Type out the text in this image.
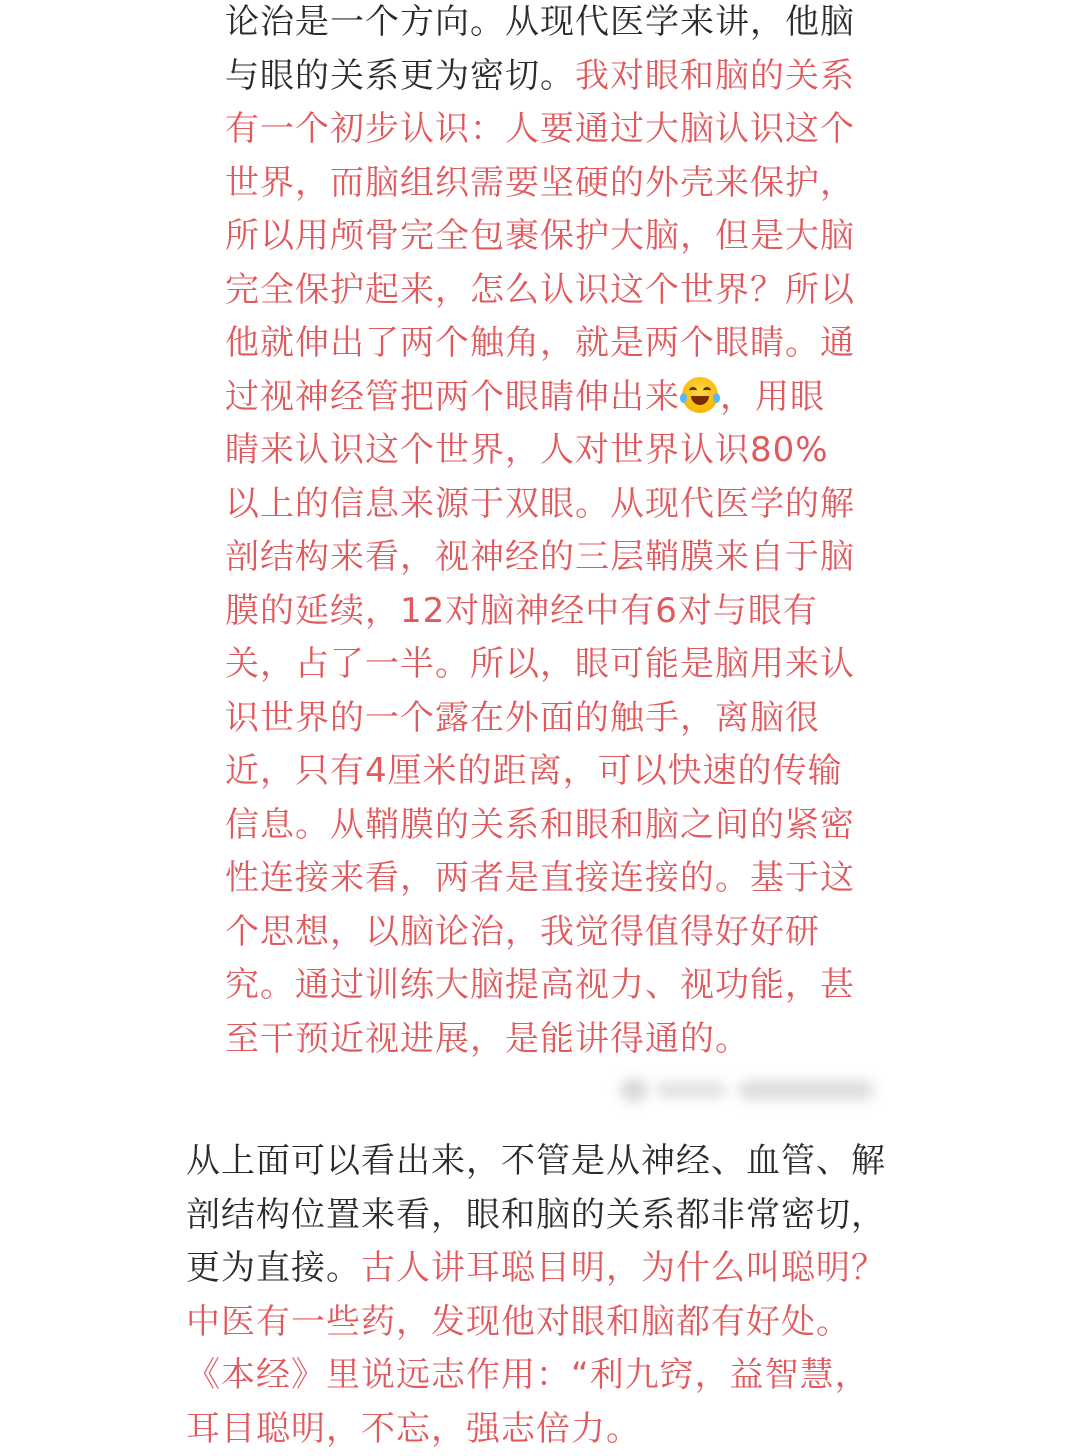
论治是一个方向。从现代医学来讲，他脑与眼的关系更为密切。我对眼和脑的关系有一个初步认识：人要通过大脑认识这个世界，而脑组织需要坚硬的外壳来保护，所以用颅骨完全包裹保护大脑，但是大脑完全保护起来，怎么认识这个世界？所以他就伸出了两个触角，就是两个眼睛。通过视神经管把两个眼睛伸出来 ，用眼睛来认识这个世界，人对世界认识80%以上的信息来源于双眼。从现代医学的解剖结构来看，视神经的三层鞘膜来自于脑膜的延续，12对脑神经中有6对与眼有关，占了一半。所以，眼可能是脑用来认识世界的一个露在外面的触手，离脑很近，只有4厘米的距离，可以快速的传输信息。从鞘膜的关系和眼和脑之间的紧密性连接来看，两者是直接连接的。基于这个思想，以脑论治，我觉得值得好好研究。通过训练大脑提高视力、视功能，甚至干预近视进展，是能讲得通的。

从上面可以看出来，不管是从神经、血管、解剖结构位置来看，眼和脑的关系都非常密切，更为直接。古人讲耳聪目明，为什么叫聪明？中医有一些药，发现他对眼和脑都有好处。《本经》里说远志作用：“利九窍，益智慧，耳目聪明，不忘，强志倍力。
